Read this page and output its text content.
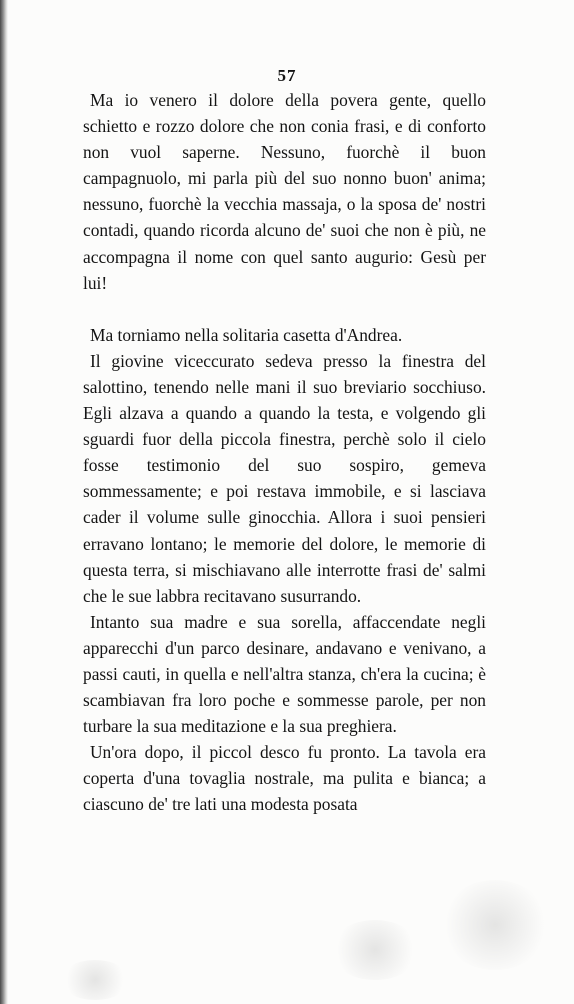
57

Ma io venero il dolore della povera gente, quello schietto e rozzo dolore che non conia frasi, e di conforto non vuol saperne. Nessuno, fuorchè il buon campagnuolo, mi parla più del suo nonno buon' anima; nessuno, fuorchè la vecchia massaja, o la sposa de' nostri contadi, quando ricorda alcuno de' suoi che non è più, ne accompagna il nome con quel santo augurio: Gesù per lui!

Ma torniamo nella solitaria casetta d'Andrea.

Il giovine viceccurato sedeva presso la finestra del salottino, tenendo nelle mani il suo breviario socchiuso. Egli alzava a quando a quando la testa, e volgendo gli sguardi fuor della piccola finestra, perchè solo il cielo fosse testimonio del suo sospiro, gemeva sommessamente; e poi restava immobile, e si lasciava cader il volume sulle ginocchia. Allora i suoi pensieri erravano lontano; le memorie del dolore, le memorie di questa terra, si mischiavano alle interrotte frasi de' salmi che le sue labbra recitavano susurrando.

Intanto sua madre e sua sorella, affaccendate negli apparecchi d'un parco desinare, andavano e venivano, a passi cauti, in quella e nell'altra stanza, ch'era la cucina; è scambiavan fra loro poche e sommesse parole, per non turbare la sua meditazione e la sua preghiera.

Un'ora dopo, il piccol desco fu pronto. La tavola era coperta d'una tovaglia nostrale, ma pulita e bianca; a ciascuno de' tre lati una modesta posata
